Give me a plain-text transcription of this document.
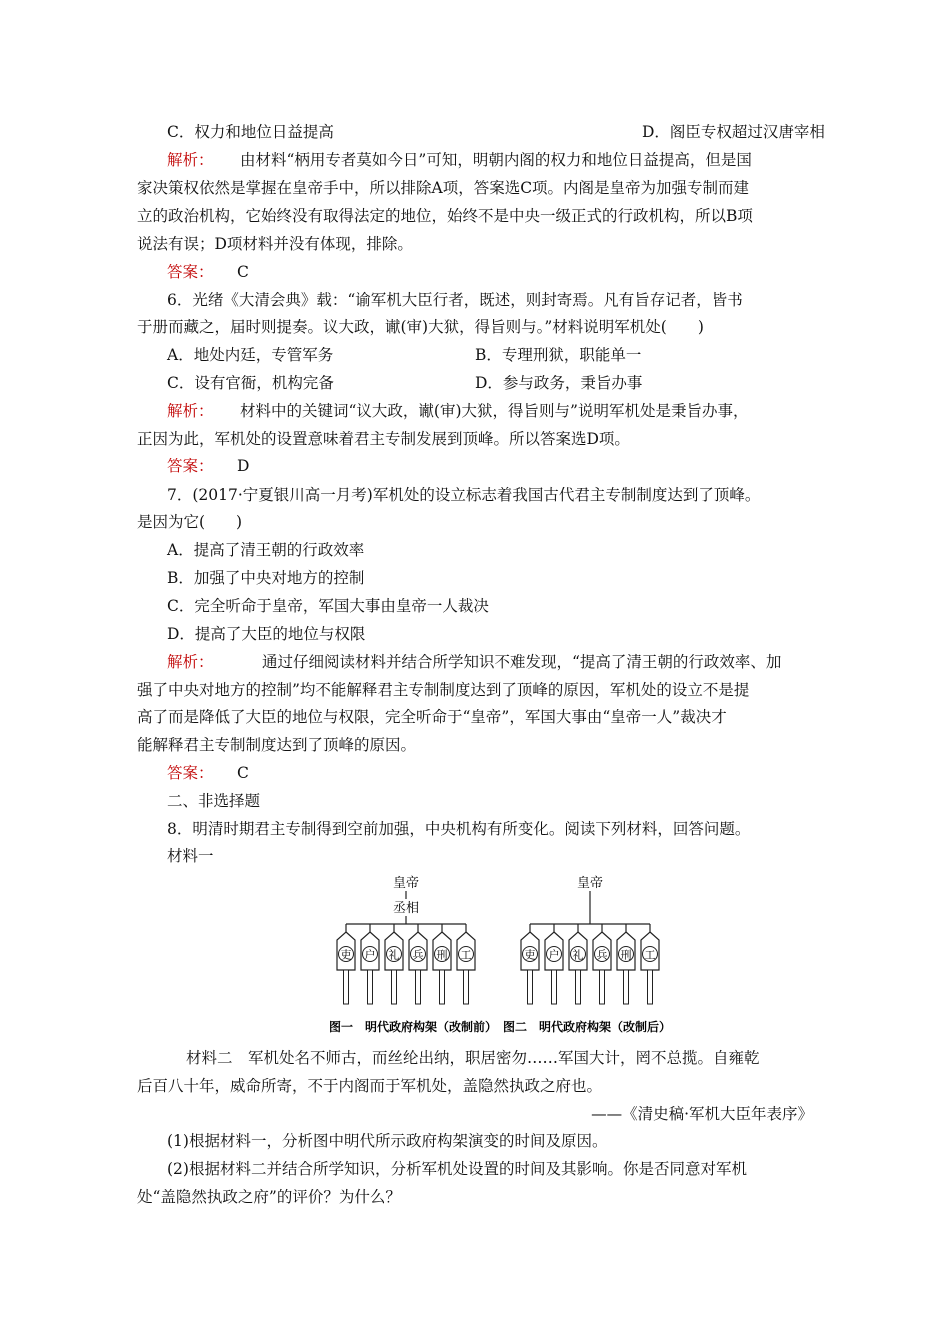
C．权力和地位日益提高	D．阁臣专权超过汉唐宰相
解析： 由材料“柄用专者莫如今日”可知，明朝内阁的权力和地位日益提高，但是国
家决策权依然是掌握在皇帝手中，所以排除A项，答案选C项。内阁是皇帝为加强专制而建
立的政治机构，它始终没有取得法定的地位，始终不是中央一级正式的行政机构，所以B项
说法有误；D项材料并没有体现，排除。
答案： C
6．光绪《大清会典》载：“谕军机大臣行者，既述，则封寄焉。凡有旨存记者，皆书
于册而藏之，届时则提奏。议大政，谳(审)大狱，得旨则与。”材料说明军机处(　　)
A．地处内廷，专管军务	B．专理刑狱，职能单一
C．设有官衙，机构完备	D．参与政务，秉旨办事
解析： 材料中的关键词“议大政，谳(审)大狱，得旨则与”说明军机处是秉旨办事，
正因为此，军机处的设置意味着君主专制发展到顶峰。所以答案选D项。
答案： D
7．(2017·宁夏银川高一月考)军机处的设立标志着我国古代君主专制制度达到了顶峰。
是因为它(　　)
A．提高了清王朝的行政效率
B．加强了中央对地方的控制
C．完全听命于皇帝，军国大事由皇帝一人裁决
D．提高了大臣的地位与权限
解析：	通过仔细阅读材料并结合所学知识不难发现，“提高了清王朝的行政效率、加
强了中央对地方的控制”均不能解释君主专制制度达到了顶峰的原因，军机处的设立不是提
高了而是降低了大臣的地位与权限，完全听命于“皇帝”，军国大事由“皇帝一人”裁决才
能解释君主专制制度达到了顶峰的原因。
答案： C
二、非选择题
8．明清时期君主专制得到空前加强，中央机构有所变化。阅读下列材料，回答问题。
材料一
皇帝
丞相
吏 户 礼 兵 刑 工
皇帝
吏 户 礼 兵 刑 工
图一　明代政府构架（改制前）　图二　明代政府构架（改制后）
材料二　军机处名不师古，而丝纶出纳，职居密勿……军国大计，罔不总揽。自雍乾
后百八十年，威命所寄，不于内阁而于军机处，盖隐然执政之府也。
——《清史稿·军机大臣年表序》
(1)根据材料一，分析图中明代所示政府构架演变的时间及原因。
(2)根据材料二并结合所学知识，分析军机处设置的时间及其影响。你是否同意对军机
处“盖隐然执政之府”的评价？为什么？
